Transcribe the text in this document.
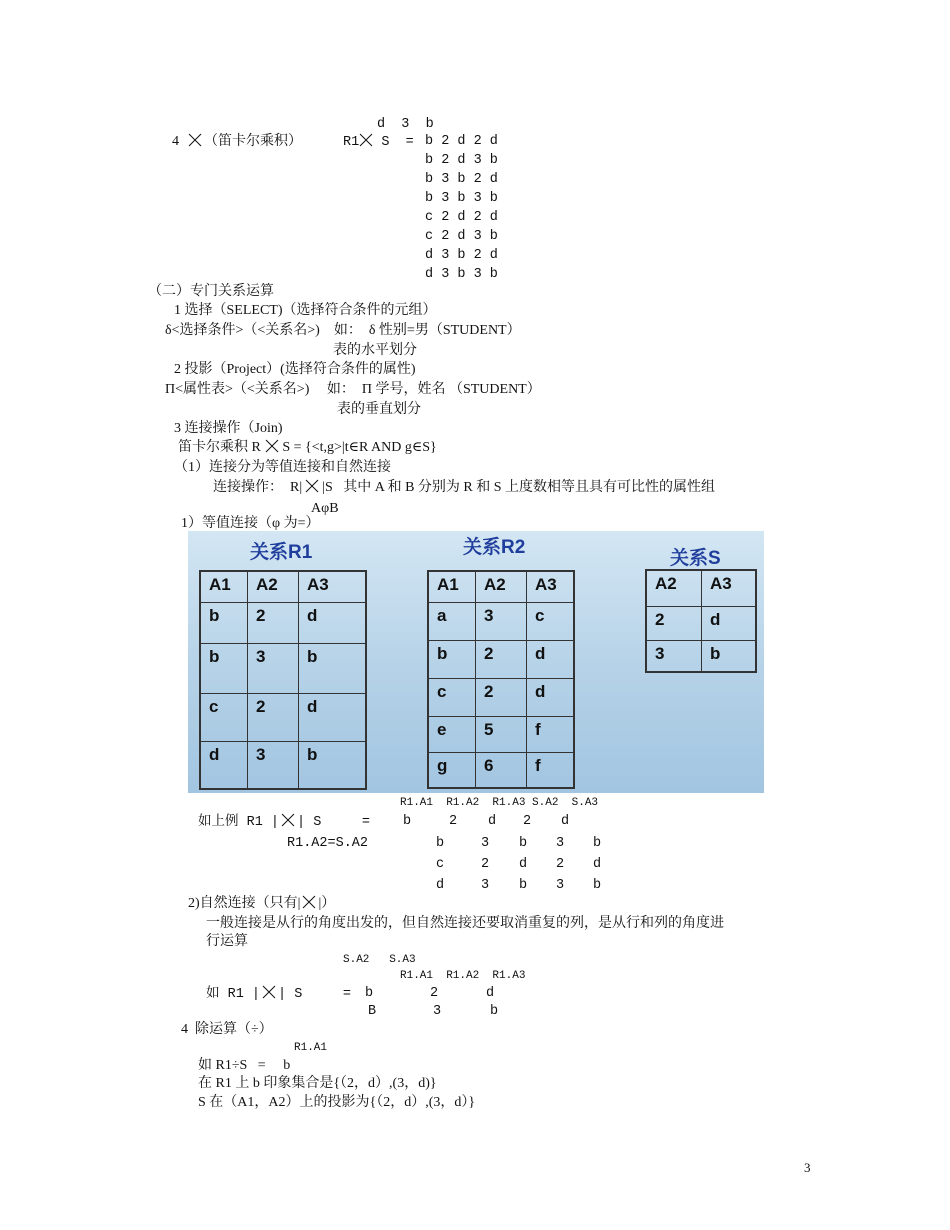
d  3  b
4 （笛卡尔乘积）	R1 S  = b 2 d 2 d
b 2 d 3 b
b 3 b 2 d
b 3 b 3 b
c 2 d 2 d
c 2 d 3 b
d 3 b 2 d
d 3 b 3 b
（二）专门关系运算
1 选择（SELECT)（选择符合条件的元组）
δ<选择条件>（<关系名>)    如：  δ 性别=男（STUDENT）
表的水平划分
2 投影（Project）(选择符合条件的属性)
Π<属性表>（<关系名>)     如：  Π 学号，姓名 （STUDENT）
表的垂直划分
3 连接操作（Join)
笛卡尔乘积 R S = {<t,g>|t∈R AND g∈S}
（1）连接分为等值连接和自然连接
连接操作：  R| |S   其中 A 和 B 分别为 R 和 S 上度数相等且具有可比性的属性组
AφB
1）等值连接（φ 为=）
关系R1	关系R2
关系S
A1	A2	A3
b	2	d
b	3	b
c	2	d
d	3	b
A1	A2	A3
a	3	c
b	2	d
c	2	d
e	5	f
g	6	f
A2	A3
2	d
3	b
R1.A1  R1.A2  R1.A3 S.A2  S.A3
如上例 R1 | | S     =
R1.A2=S.A2
b	2 d 2 d
b	3 b 3 b
c	2 d 2 d
d	3 b 3 b
2)自然连接（只有| |）
一般连接是从行的角度出发的，但自然连接还要取消重复的列，是从行和列的角度进
行运算
S.A2   S.A3
R1.A1  R1.A2  R1.A3
如 R1 | | S     = b	2	d
B	3	b
4  除运算（÷）
R1.A1
如 R1÷S   =     b
在 R1 上 b 印象集合是{（2，d）,(3，d)}
S 在（A1，A2）上的投影为{（2，d）,(3，d）}
3
